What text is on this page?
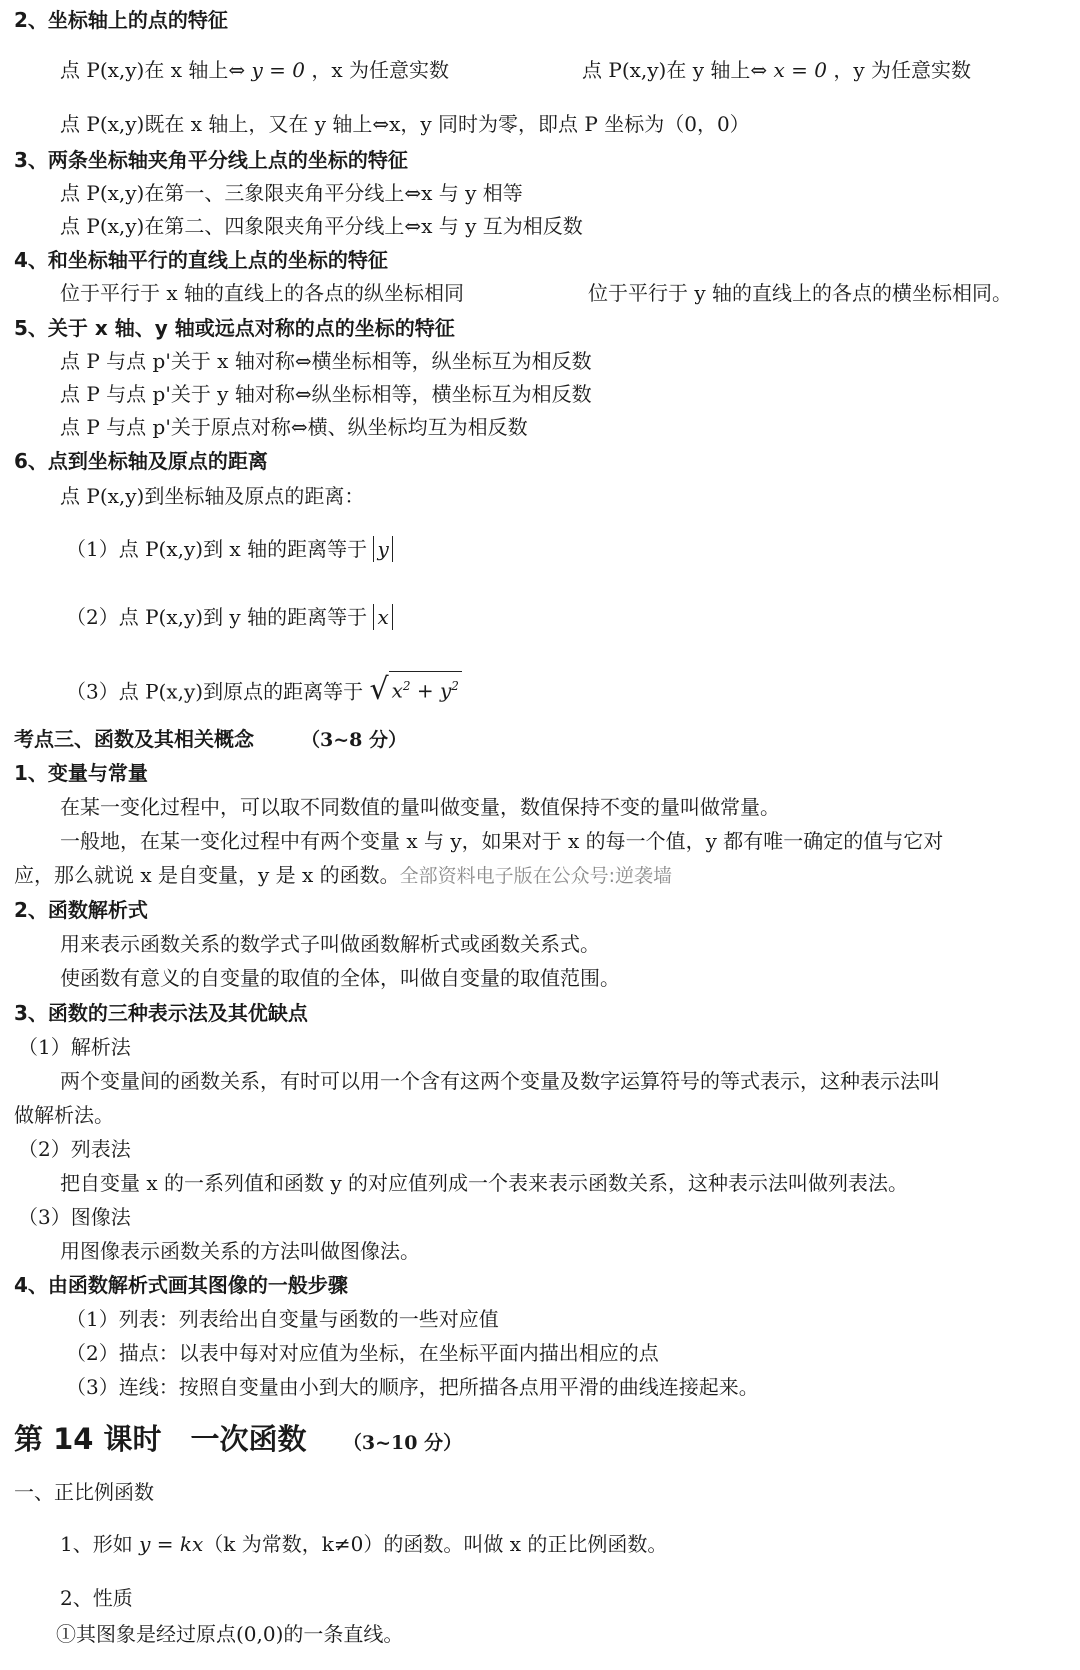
2、坐标轴上的点的特征
点 P(x,y)在 x 轴上⇔ y = 0 ，x 为任意实数	点 P(x,y)在 y 轴上⇔ x = 0 ，y 为任意实数
点 P(x,y)既在 x 轴上，又在 y 轴上⇔x，y 同时为零，即点 P 坐标为（0，0）
3、两条坐标轴夹角平分线上点的坐标的特征
点 P(x,y)在第一、三象限夹角平分线上⇔x 与 y 相等
点 P(x,y)在第二、四象限夹角平分线上⇔x 与 y 互为相反数
4、和坐标轴平行的直线上点的坐标的特征
位于平行于 x 轴的直线上的各点的纵坐标相同	位于平行于 y 轴的直线上的各点的横坐标相同。
5、关于 x 轴、y 轴或远点对称的点的坐标的特征
点 P 与点 p'关于 x 轴对称⇔横坐标相等，纵坐标互为相反数
点 P 与点 p'关于 y 轴对称⇔纵坐标相等，横坐标互为相反数
点 P 与点 p'关于原点对称⇔横、纵坐标均互为相反数
6、点到坐标轴及原点的距离
点 P(x,y)到坐标轴及原点的距离：
（1）点 P(x,y)到 x 轴的距离等于 y
（2）点 P(x,y)到 y 轴的距离等于 x
（3）点 P(x,y)到原点的距离等于 √ $x^2 + y^2$
考点三、函数及其相关概念 （3~8 分）
1、变量与常量
在某一变化过程中，可以取不同数值的量叫做变量，数值保持不变的量叫做常量。
一般地，在某一变化过程中有两个变量 x 与 y，如果对于 x 的每一个值，y 都有唯一确定的值与它对
应，那么就说 x 是自变量，y 是 x 的函数。全部资料电子版在公众号:逆袭墙
2、函数解析式
用来表示函数关系的数学式子叫做函数解析式或函数关系式。
使函数有意义的自变量的取值的全体，叫做自变量的取值范围。
3、函数的三种表示法及其优缺点
（1）解析法
两个变量间的函数关系，有时可以用一个含有这两个变量及数字运算符号的等式表示，这种表示法叫
做解析法。
（2）列表法
把自变量 x 的一系列值和函数 y 的对应值列成一个表来表示函数关系，这种表示法叫做列表法。
（3）图像法
用图像表示函数关系的方法叫做图像法。
4、由函数解析式画其图像的一般步骤
（1）列表：列表给出自变量与函数的一些对应值
（2）描点：以表中每对对应值为坐标，在坐标平面内描出相应的点
（3）连线：按照自变量由小到大的顺序，把所描各点用平滑的曲线连接起来。
第 14 课时　一次函数 （3~10 分）
一、正比例函数
1、形如 y = kx（k 为常数，k≠0）的函数。叫做 x 的正比例函数。
2、性质
①其图象是经过原点(0,0)的一条直线。
